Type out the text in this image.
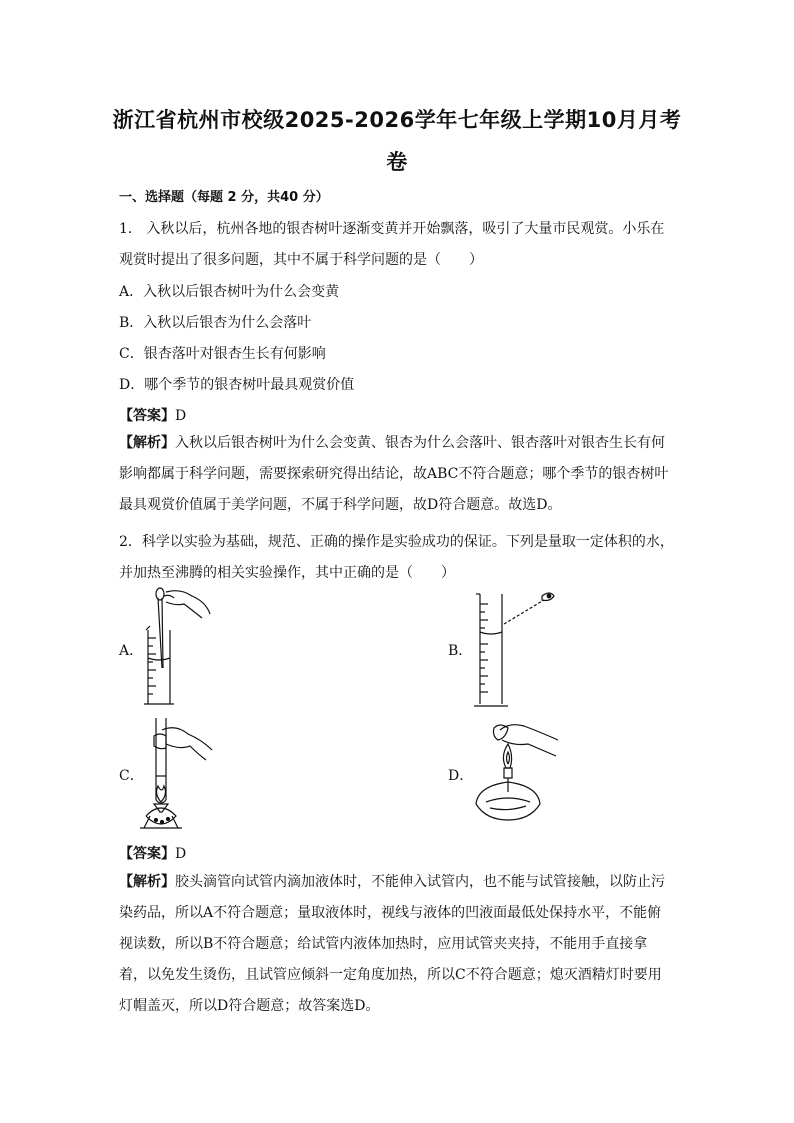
浙江省杭州市校级2025-2026学年七年级上学期10月月考
卷
一、选择题（每题 2 分，共40 分）
1． 入秋以后，杭州各地的银杏树叶逐渐变黄并开始飘落，吸引了大量市民观赏。小乐在
观赏时提出了很多问题，其中不属于科学问题的是（　　）
A．入秋以后银杏树叶为什么会变黄
B．入秋以后银杏为什么会落叶
C．银杏落叶对银杏生长有何影响
D．哪个季节的银杏树叶最具观赏价值
【答案】D
【解析】入秋以后银杏树叶为什么会变黄、银杏为什么会落叶、银杏落叶对银杏生长有何影响都属于科学问题，需要探索研究得出结论，故ABC不符合题意；哪个季节的银杏树叶最具观赏价值属于美学问题，不属于科学问题，故D符合题意。故选D。
2．科学以实验为基础，规范、正确的操作是实验成功的保证。下列是量取一定体积的水，
并加热至沸腾的相关实验操作，其中正确的是（　　）
A．	B．
C．	D．
【答案】D
【解析】胶头滴管向试管内滴加液体时，不能伸入试管内，也不能与试管接触，以防止污染药品，所以A不符合题意；量取液体时，视线与液体的凹液面最低处保持水平，不能俯视读数，所以B不符合题意；给试管内液体加热时，应用试管夹夹持，不能用手直接拿着，以免发生烫伤，且试管应倾斜一定角度加热，所以C不符合题意；熄灭酒精灯时要用灯帽盖灭，所以D符合题意；故答案选D。
